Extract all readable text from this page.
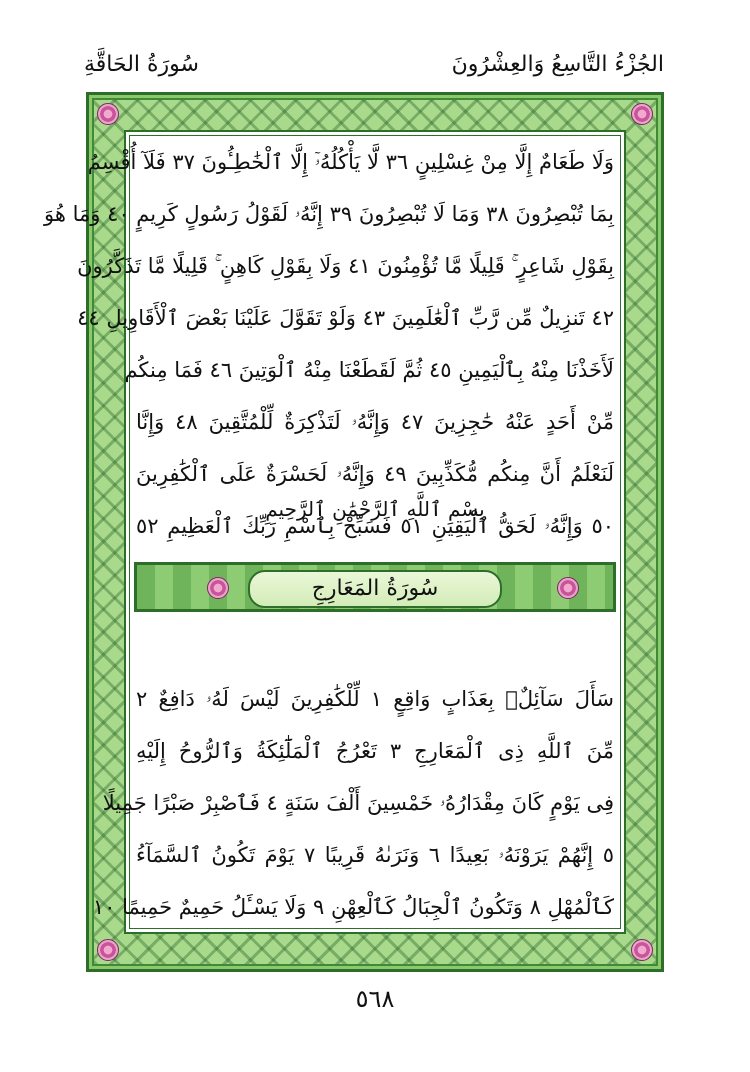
الجُزْءُ التَّاسِعُ وَالعِشْرُونَ
سُورَةُ الحَاقَّةِ
وَلَا طَعَامٌ إِلَّا مِنْ غِسْلِينٍ ٣٦ لَّا يَأْكُلُهُۥٓ إِلَّا ٱلْخَٰطِـُٔونَ ٣٧ فَلَآ أُقْسِمُ
بِمَا تُبْصِرُونَ ٣٨ وَمَا لَا تُبْصِرُونَ ٣٩ إِنَّهُۥ لَقَوْلُ رَسُولٍ كَرِيمٍ ٤٠ وَمَا هُوَ
بِقَوْلِ شَاعِرٍ ۚ قَلِيلًا مَّا تُؤْمِنُونَ ٤١ وَلَا بِقَوْلِ كَاهِنٍ ۚ قَلِيلًا مَّا تَذَكَّرُونَ
٤٢ تَنزِيلٌ مِّن رَّبِّ ٱلْعَٰلَمِينَ ٤٣ وَلَوْ تَقَوَّلَ عَلَيْنَا بَعْضَ ٱلْأَقَاوِيلِ ٤٤
لَأَخَذْنَا مِنْهُ بِٱلْيَمِينِ ٤٥ ثُمَّ لَقَطَعْنَا مِنْهُ ٱلْوَتِينَ ٤٦ فَمَا مِنكُم
مِّنْ أَحَدٍ عَنْهُ حَٰجِزِينَ ٤٧ وَإِنَّهُۥ لَتَذْكِرَةٌ لِّلْمُتَّقِينَ ٤٨ وَإِنَّا
لَنَعْلَمُ أَنَّ مِنكُم مُّكَذِّبِينَ ٤٩ وَإِنَّهُۥ لَحَسْرَةٌ عَلَى ٱلْكَٰفِرِينَ
٥٠ وَإِنَّهُۥ لَحَقُّ ٱلْيَقِينِ ٥١ فَسَبِّحْ بِٱسْمِ رَبِّكَ ٱلْعَظِيمِ ٥٢
سُورَةُ المَعَارِجِ
سَأَلَ سَآئِلٌۢ بِعَذَابٍ وَاقِعٍ ١ لِّلْكَٰفِرِينَ لَيْسَ لَهُۥ دَافِعٌ ٢
مِّنَ ٱللَّهِ ذِى ٱلْمَعَارِجِ ٣ تَعْرُجُ ٱلْمَلَٰٓئِكَةُ وَٱلرُّوحُ إِلَيْهِ
فِى يَوْمٍ كَانَ مِقْدَارُهُۥ خَمْسِينَ أَلْفَ سَنَةٍ ٤ فَٱصْبِرْ صَبْرًا جَمِيلًا
٥ إِنَّهُمْ يَرَوْنَهُۥ بَعِيدًا ٦ وَنَرَىٰهُ قَرِيبًا ٧ يَوْمَ تَكُونُ ٱلسَّمَآءُ
كَٱلْمُهْلِ ٨ وَتَكُونُ ٱلْجِبَالُ كَٱلْعِهْنِ ٩ وَلَا يَسْـَٔلُ حَمِيمٌ حَمِيمًا ١٠
بِسْمِ ٱللَّهِ ٱلرَّحْمَٰنِ ٱلرَّحِيمِ
٥٦٨
